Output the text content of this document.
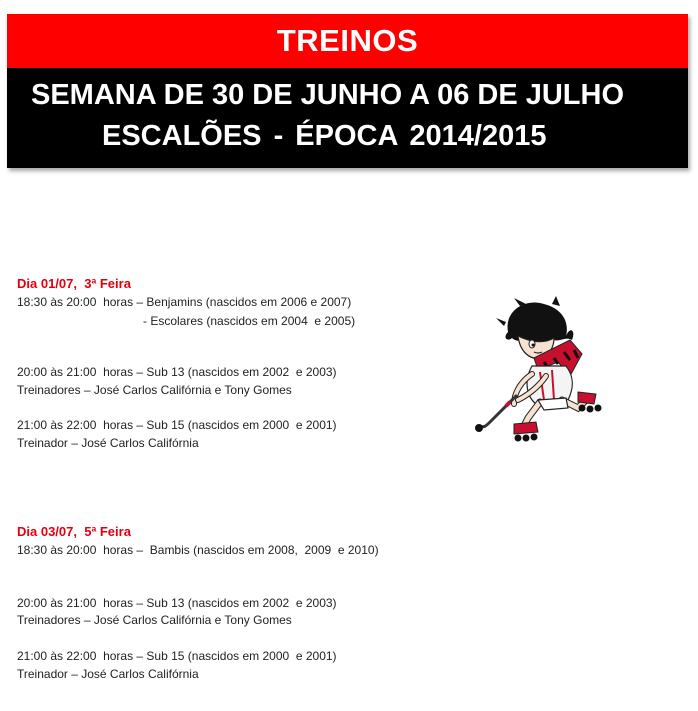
TREINOS
SEMANA DE 30 DE JUNHO A 06 DE JULHO
ESCALÕES - ÉPOCA 2014/2015
Dia 01/07,  3ª Feira
18:30 às 20:00  horas – Benjamins (nascidos em 2006 e 2007)
- Escolares (nascidos em 2004  e 2005)
20:00 às 21:00  horas – Sub 13 (nascidos em 2002  e 2003)
Treinadores – José Carlos Califórnia e Tony Gomes
21:00 às 22:00  horas – Sub 15 (nascidos em 2000  e 2001)
Treinador – José Carlos Califórnia
Dia 03/07,  5ª Feira
18:30 às 20:00  horas –  Bambis (nascidos em 2008,  2009  e 2010)
20:00 às 21:00  horas – Sub 13 (nascidos em 2002  e 2003)
Treinadores – José Carlos Califórnia e Tony Gomes
21:00 às 22:00  horas – Sub 15 (nascidos em 2000  e 2001)
Treinador – José Carlos Califórnia
